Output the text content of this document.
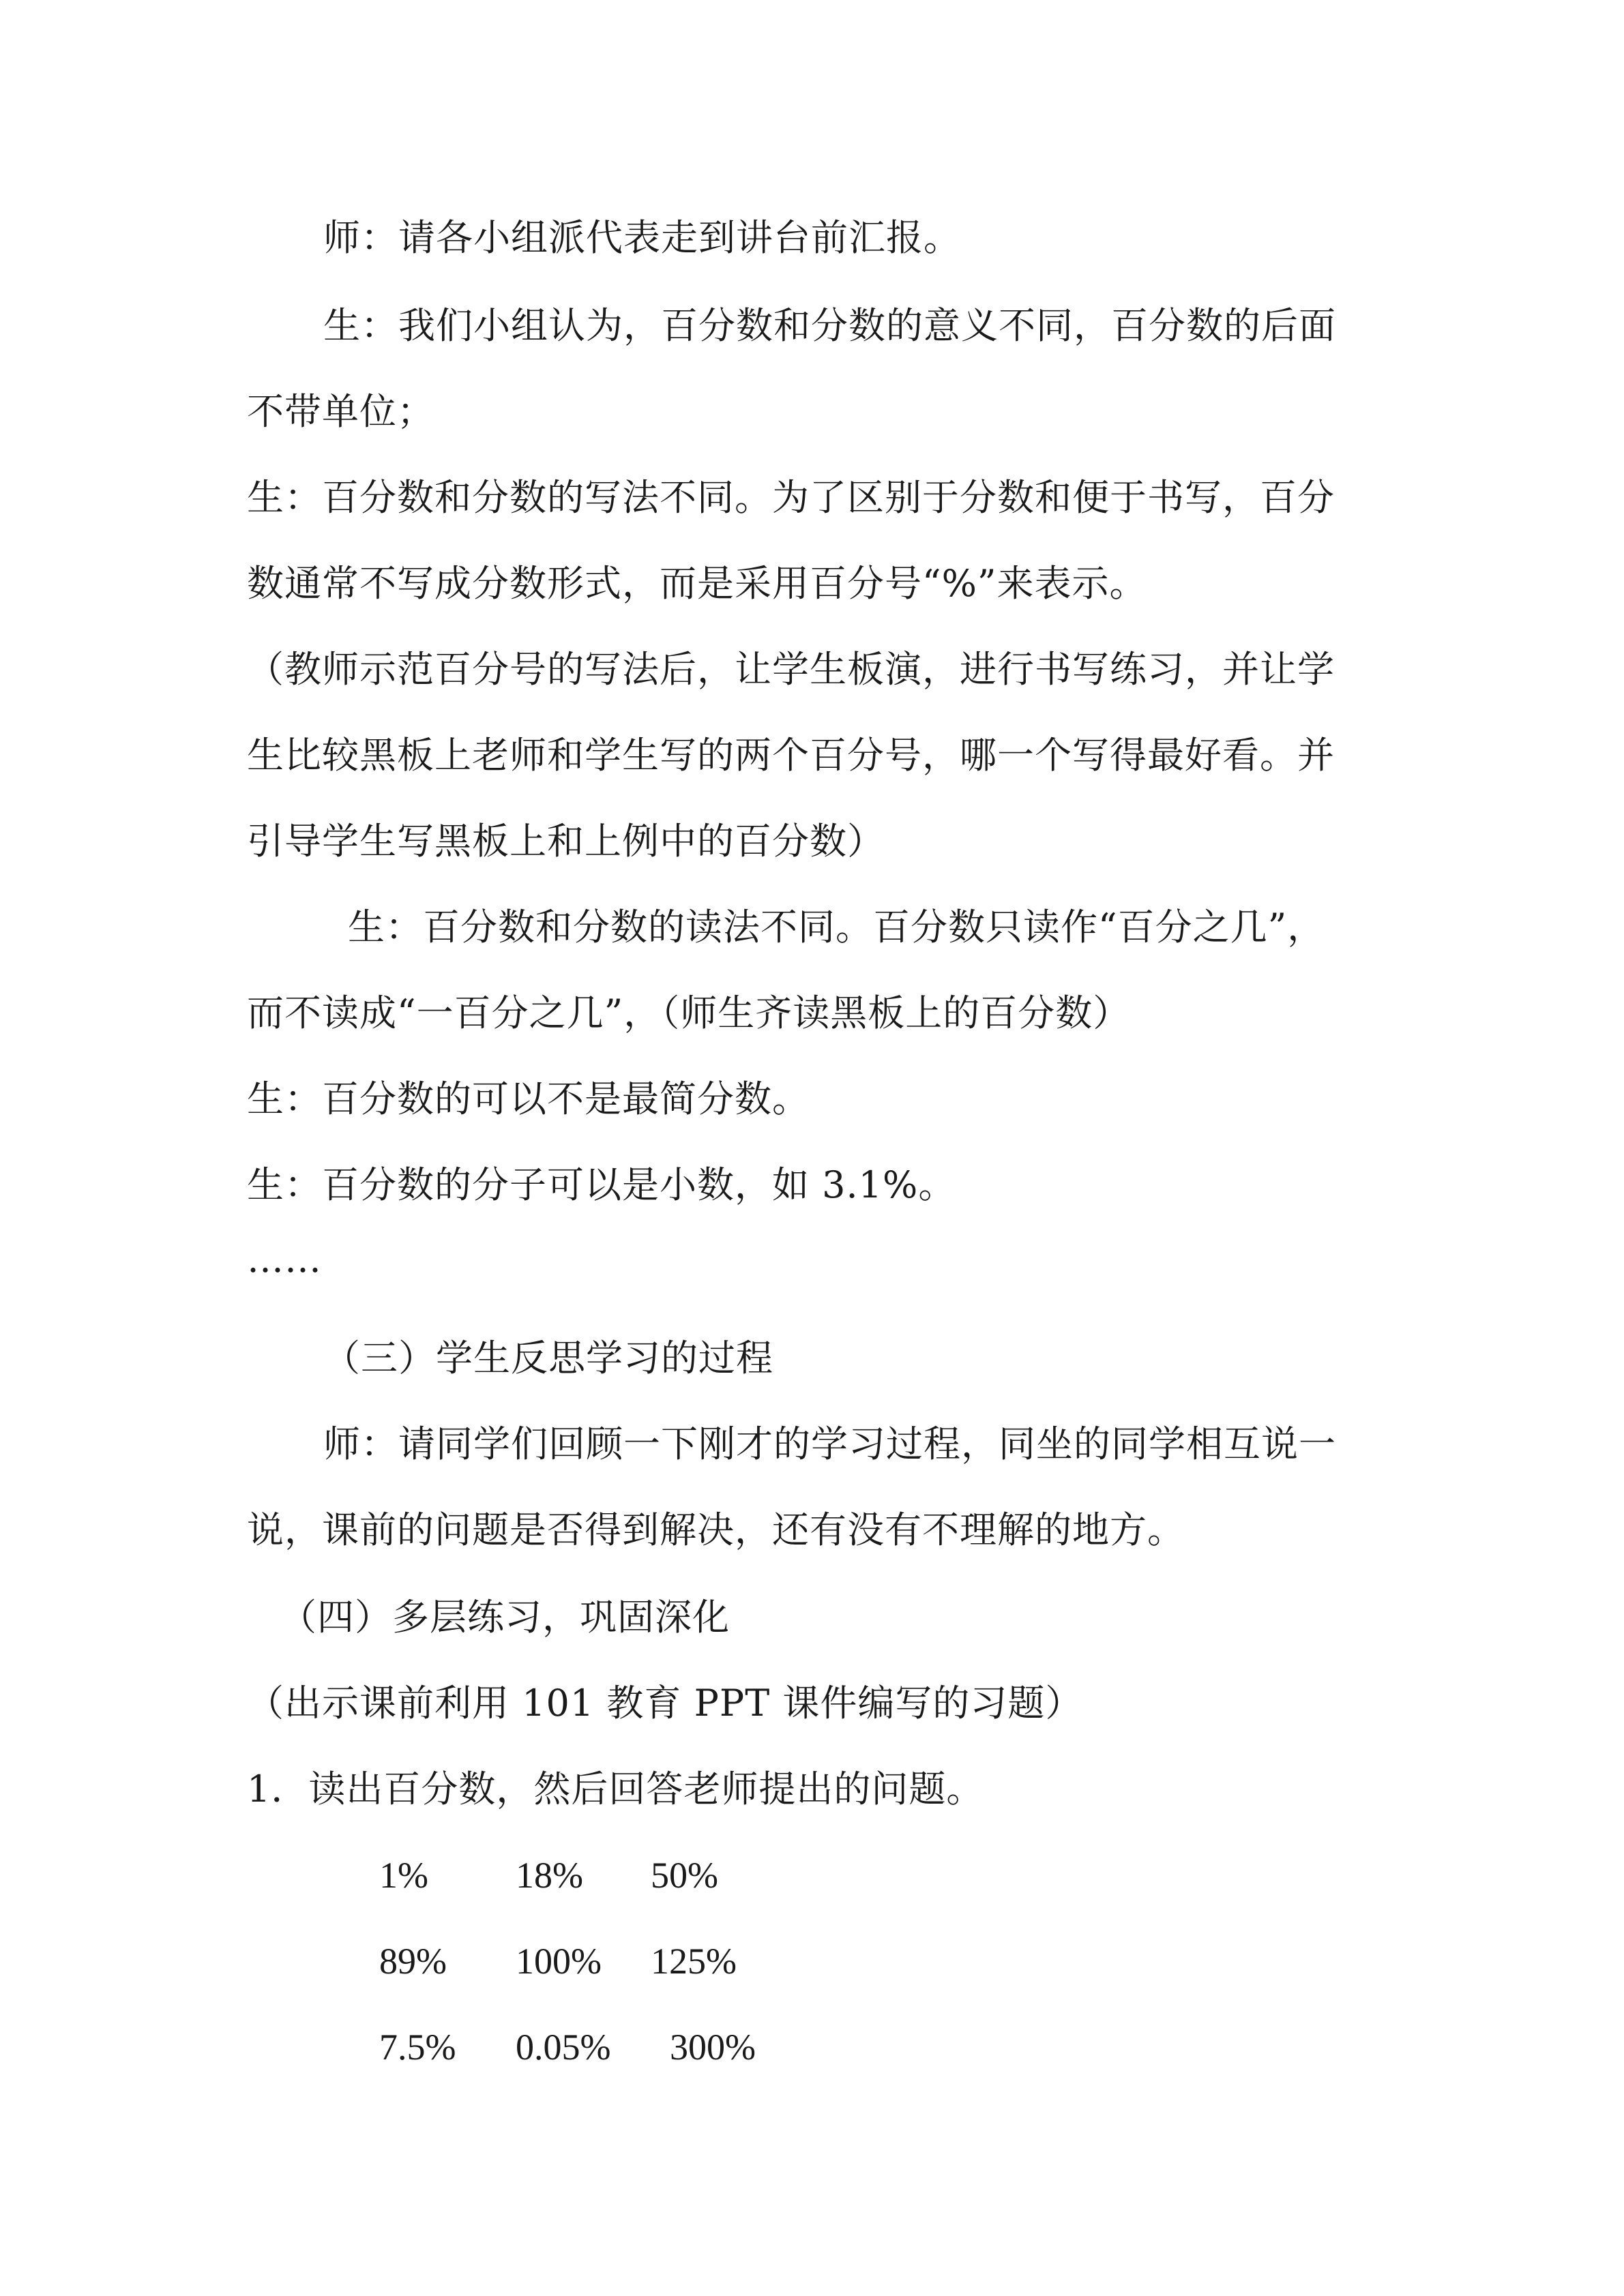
师：请各小组派代表走到讲台前汇报。
生：我们小组认为，百分数和分数的意义不同，百分数的后面
不带单位；
生：百分数和分数的写法不同。为了区别于分数和便于书写，百分
数通常不写成分数形式，而是采用百分号“%”来表示。
（教师示范百分号的写法后，让学生板演，进行书写练习，并让学
生比较黑板上老师和学生写的两个百分号，哪一个写得最好看。并
引导学生写黑板上和上例中的百分数）
生：百分数和分数的读法不同。百分数只读作“百分之几”，
而不读成“一百分之几”，（师生齐读黑板上的百分数）
生：百分数的可以不是最简分数。
生：百分数的分子可以是小数，如 3.1%。
……
（三）学生反思学习的过程
师：请同学们回顾一下刚才的学习过程，同坐的同学相互说一
说，课前的问题是否得到解决，还有没有不理解的地方。
（四）多层练习，巩固深化
（出示课前利用 101 教育 PPT 课件编写的习题）
1．读出百分数，然后回答老师提出的问题。
1% 18% 50%
89% 100% 125%
7.5% 0.05% 300%
